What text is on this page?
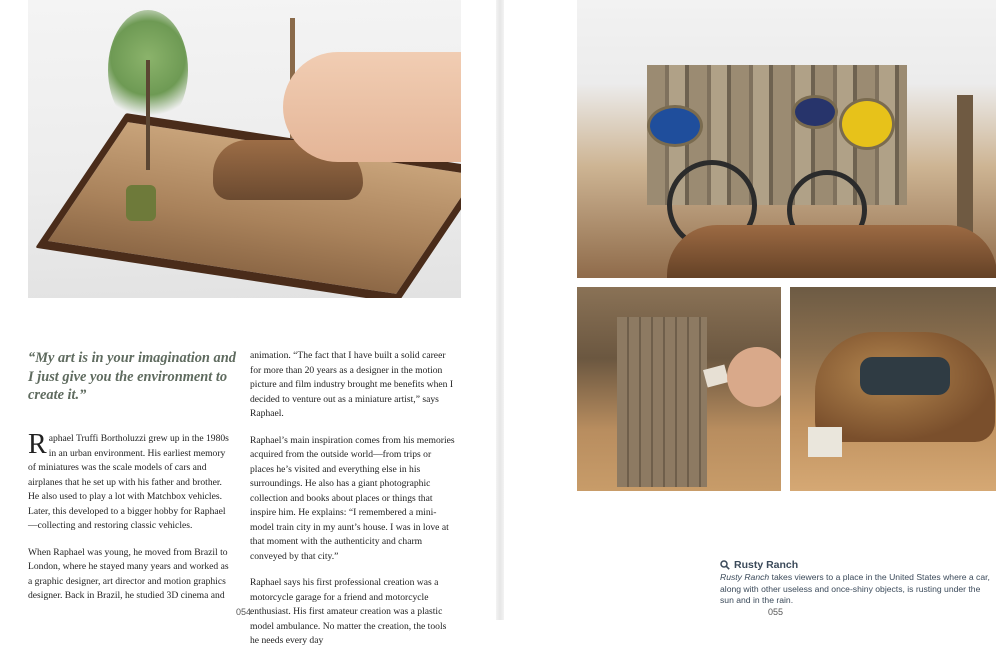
“My art is in your imagination and I just give you the environment to create it.”

Raphael Truffi Bortholuzzi grew up in the 1980s in an urban environment. His earliest memory of miniatures was the scale models of cars and airplanes that he set up with his father and brother. He also used to play a lot with Matchbox vehicles. Later, this developed to a bigger hobby for Raphael—collecting and restoring classic vehicles.

When Raphael was young, he moved from Brazil to London, where he stayed many years and worked as a graphic designer, art director and motion graphics designer. Back in Brazil, he studied 3D cinema and

animation. “The fact that I have built a solid career for more than 20 years as a designer in the motion picture and film industry brought me benefits when I decided to venture out as a miniature artist,” says Raphael.

Raphael’s main inspiration comes from his memories acquired from the outside world—from trips or places he’s visited and everything else in his surroundings. He also has a giant photographic collection and books about places or things that inspire him. He explains: “I remembered a mini-model train city in my aunt’s house. I was in love at that moment with the authenticity and charm conveyed by that city.”

Raphael says his first professional creation was a motorcycle garage for a friend and motorcycle enthusiast. His first amateur creation was a plastic model ambulance. No matter the creation, the tools he needs every day

054
Rusty Ranch

Rusty Ranch takes viewers to a place in the United States where a car, along with other useless and once-shiny objects, is rusting under the sun and in the rain.

055
